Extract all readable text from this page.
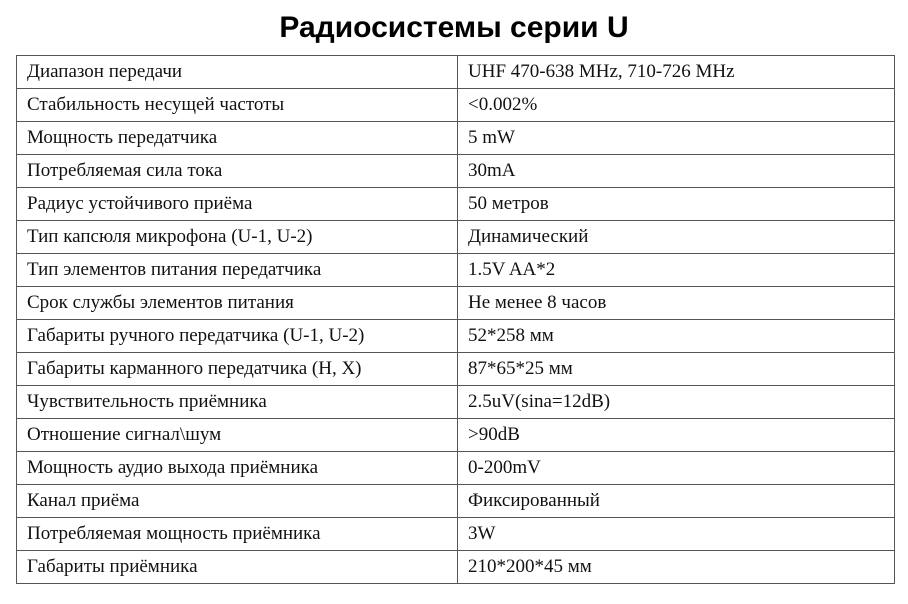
Радиосистемы серии U
Диапазон передачи	UHF 470-638 MHz, 710-726 MHz
Стабильность несущей частоты	<0.002%
Мощность передатчика	5 mW
Потребляемая сила тока	30mA
Радиус устойчивого приёма	50 метров
Тип капсюля микрофона (U-1, U-2)	Динамический
Тип элементов питания передатчика	1.5V AA*2
Срок службы элементов питания	Не менее 8 часов
Габариты ручного передатчика (U-1, U-2)	52*258 мм
Габариты карманного передатчика (H, X)	87*65*25 мм
Чувствительность приёмника	2.5uV(sina=12dB)
Отношение сигнал\шум	>90dB
Мощность аудио выхода приёмника	0-200mV
Канал приёма	Фиксированный
Потребляемая мощность приёмника	3W
Габариты приёмника	210*200*45 мм
